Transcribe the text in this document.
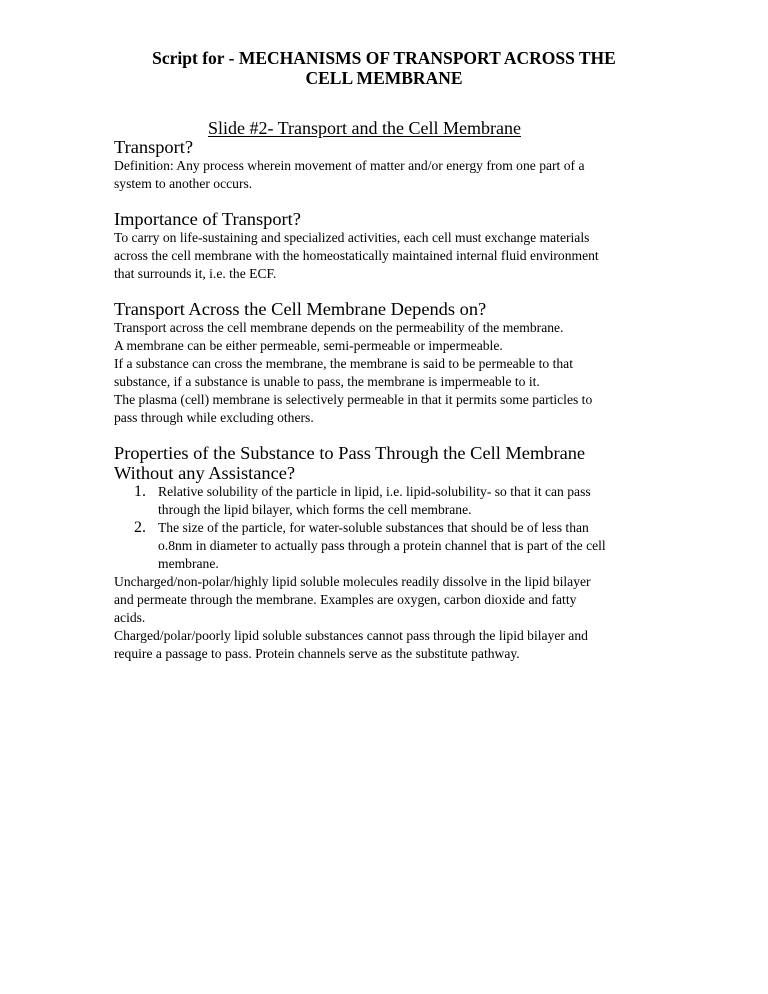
Script for - MECHANISMS OF TRANSPORT ACROSS THE
CELL MEMBRANE
Slide #2- Transport and the Cell Membrane
Transport?

Definition: Any process wherein movement of matter and/or energy from one part of a

system to another occurs.

Importance of Transport?

To carry on life-sustaining and specialized activities, each cell must exchange materials

across the cell membrane with the homeostatically maintained internal fluid environment

that surrounds it, i.e. the ECF.

Transport Across the Cell Membrane Depends on?

Transport across the cell membrane depends on the permeability of the membrane.

A membrane can be either permeable, semi-permeable or impermeable.

If a substance can cross the membrane, the membrane is said to be permeable to that

substance, if a substance is unable to pass, the membrane is impermeable to it.

The plasma (cell) membrane is selectively permeable in that it permits some particles to

pass through while excluding others.

Properties of the Substance to Pass Through the Cell Membrane
Without any Assistance?
1. Relative solubility of the particle in lipid, i.e. lipid-solubility- so that it can pass

through the lipid bilayer, which forms the cell membrane.

2. The size of the particle, for water-soluble substances that should be of less than

o.8nm in diameter to actually pass through a protein channel that is part of the cell

membrane.

Uncharged/non-polar/highly lipid soluble molecules readily dissolve in the lipid bilayer

and permeate through the membrane. Examples are oxygen, carbon dioxide and fatty

acids.

Charged/polar/poorly lipid soluble substances cannot pass through the lipid bilayer and

require a passage to pass. Protein channels serve as the substitute pathway.
